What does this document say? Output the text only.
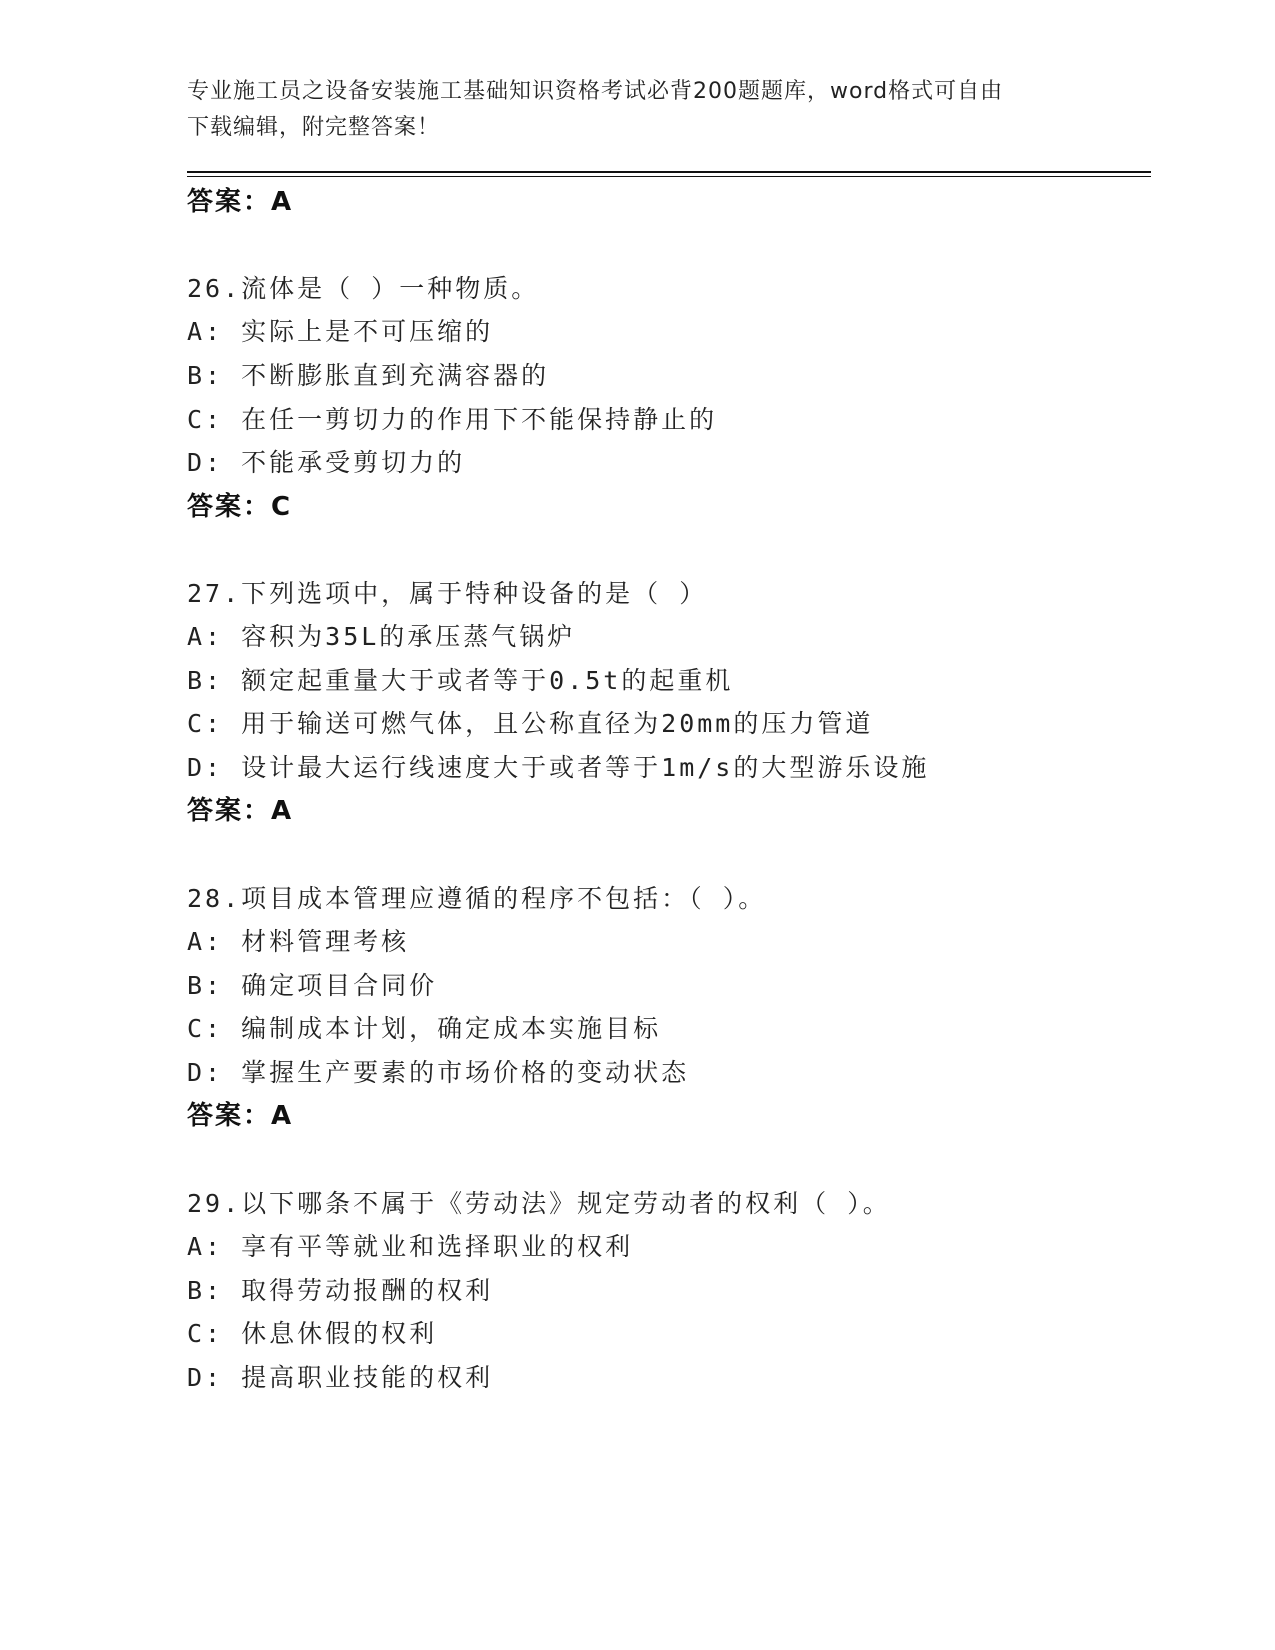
专业施工员之设备安装施工基础知识资格考试必背200题题库，word格式可自由
下载编辑，附完整答案！
答案：A
26.流体是（ ）一种物质。
A: 实际上是不可压缩的
B: 不断膨胀直到充满容器的
C: 在任一剪切力的作用下不能保持静止的
D: 不能承受剪切力的
答案：C
27.下列选项中，属于特种设备的是（ ）
A: 容积为35L的承压蒸气锅炉
B: 额定起重量大于或者等于0.5t的起重机
C: 用于输送可燃气体，且公称直径为20mm的压力管道
D: 设计最大运行线速度大于或者等于1m/s的大型游乐设施
答案：A
28.项目成本管理应遵循的程序不包括：（ ）。
A: 材料管理考核
B: 确定项目合同价
C: 编制成本计划，确定成本实施目标
D: 掌握生产要素的市场价格的变动状态
答案：A
29.以下哪条不属于《劳动法》规定劳动者的权利（ ）。
A: 享有平等就业和选择职业的权利
B: 取得劳动报酬的权利
C: 休息休假的权利
D: 提高职业技能的权利
